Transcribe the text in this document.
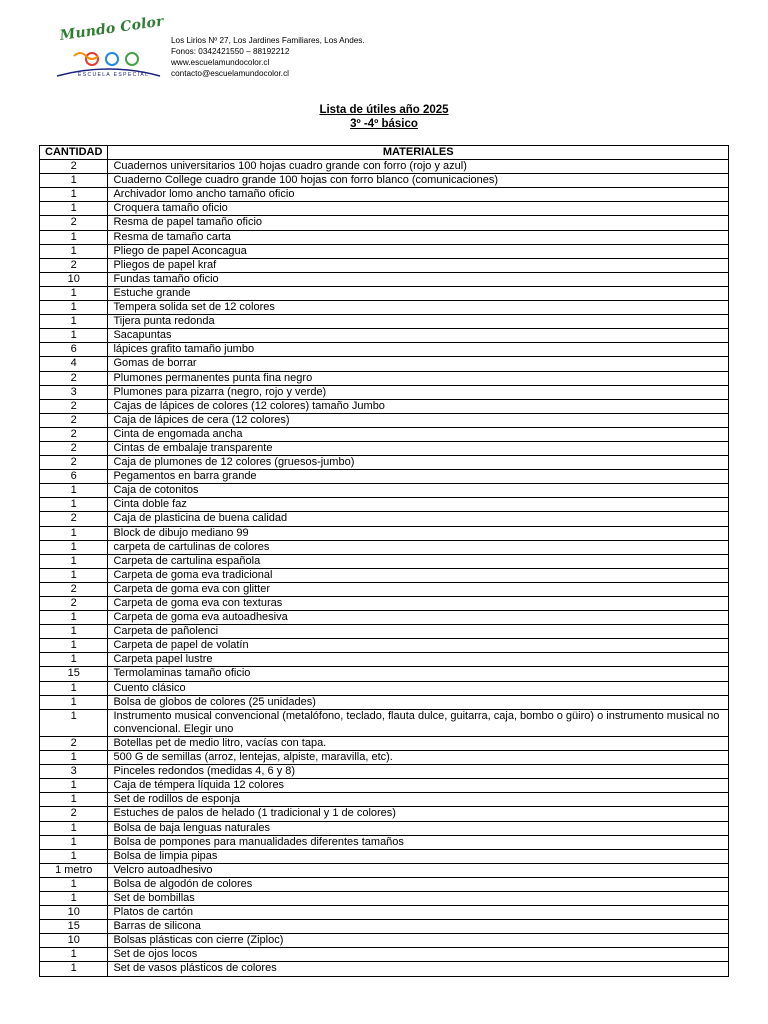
Mundo Color
ESCUELA ESPECIAL
Los Lirios Nº 27, Los Jardines Familiares, Los Andes.
Fonos: 0342421550 – 88192212
www.escuelamundocolor.cl
contacto@escuelamundocolor.cl
Lista de útiles año 2025
3º -4º básico
CANTIDAD	MATERIALES
2	Cuadernos universitarios 100 hojas cuadro grande con forro (rojo y azul)
1	Cuaderno College cuadro grande 100 hojas con forro blanco (comunicaciones)
1	Archivador lomo ancho tamaño oficio
1	Croquera tamaño oficio
2	Resma de papel tamaño oficio
1	Resma de tamaño carta
1	Pliego de papel Aconcagua
2	Pliegos de papel kraf
10	Fundas tamaño oficio
1	Estuche grande
1	Tempera solida set de 12 colores
1	Tijera punta redonda
1	Sacapuntas
6	lápices grafito tamaño jumbo
4	Gomas de borrar
2	Plumones permanentes punta fina negro
3	Plumones para pizarra (negro, rojo y verde)
2	Cajas de lápices de colores (12 colores) tamaño Jumbo
2	Caja de lápices de cera (12 colores)
2	Cinta de engomada ancha
2	Cintas de embalaje transparente
2	Caja de plumones de 12 colores (gruesos-jumbo)
6	Pegamentos en barra grande
1	Caja de cotonitos
1	Cinta doble faz
2	Caja de plasticina de buena calidad
1	Block de dibujo mediano 99
1	carpeta de cartulinas de colores
1	Carpeta de cartulina española
1	Carpeta de goma eva tradicional
2	Carpeta de goma eva con glitter
2	Carpeta de goma eva con texturas
1	Carpeta de goma eva autoadhesiva
1	Carpeta de pañolenci
1	Carpeta de papel de volatín
1	Carpeta papel lustre
15	Termolaminas tamaño oficio
1	Cuento clásico
1	Bolsa de globos de colores (25 unidades)
1	Instrumento musical convencional (metalófono, teclado, flauta dulce, guitarra, caja, bombo o güiro) o instrumento musical no convencional. Elegir uno
2	Botellas pet de medio litro, vacías con tapa.
1	500 G de semillas (arroz, lentejas, alpiste, maravilla, etc).
3	Pinceles redondos (medidas 4, 6 y 8)
1	Caja de témpera líquida 12 colores
1	Set de rodillos de esponja
2	Estuches de palos de helado (1 tradicional y 1 de colores)
1	Bolsa de baja lenguas naturales
1	Bolsa de pompones para manualidades diferentes tamaños
1	Bolsa de limpia pipas
1 metro	Velcro autoadhesivo
1	Bolsa de algodón de colores
1	Set de bombillas
10	Platos de cartón
15	Barras de silicona
10	Bolsas plásticas con cierre (Ziploc)
1	Set de ojos locos
1	Set de vasos plásticos de colores
